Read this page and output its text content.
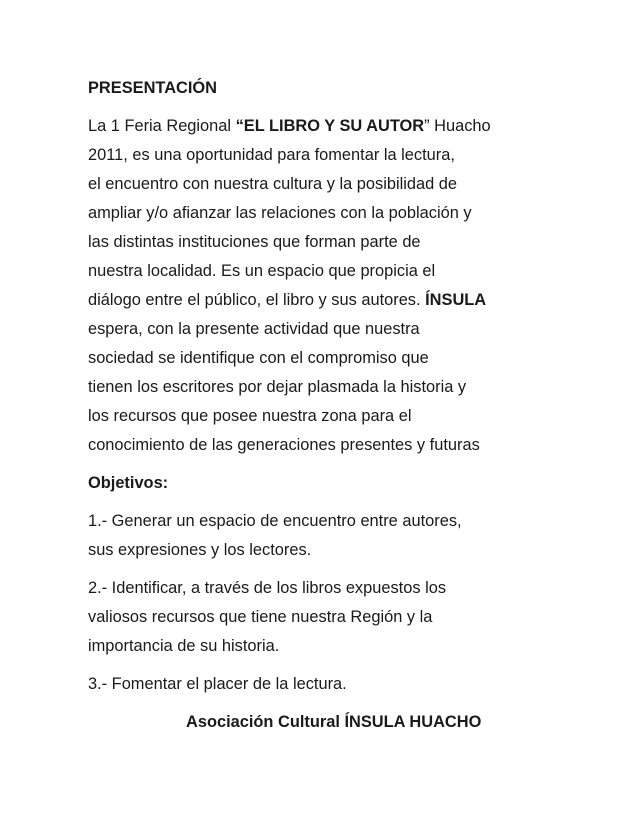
PRESENTACIÓN
La 1 Feria Regional “EL LIBRO Y SU AUTOR” Huacho
2011, es una oportunidad para fomentar la lectura,
el encuentro con nuestra cultura y la posibilidad de
ampliar y/o afianzar las relaciones con la población y
las distintas instituciones que forman parte de
nuestra localidad. Es un espacio que propicia el
diálogo entre el público, el libro y sus autores. ÍNSULA
espera, con la presente actividad que nuestra
sociedad se identifique con el compromiso que
tienen los escritores por dejar plasmada la historia y
los recursos que posee nuestra zona para el
conocimiento de las generaciones presentes y futuras
Objetivos:
1.- Generar un espacio de encuentro entre autores,
sus expresiones y los lectores.
2.- Identificar, a través de los libros expuestos los
valiosos recursos que tiene nuestra Región y la
importancia de su historia.
3.- Fomentar el placer de la lectura.
Asociación Cultural ÍNSULA HUACHO
